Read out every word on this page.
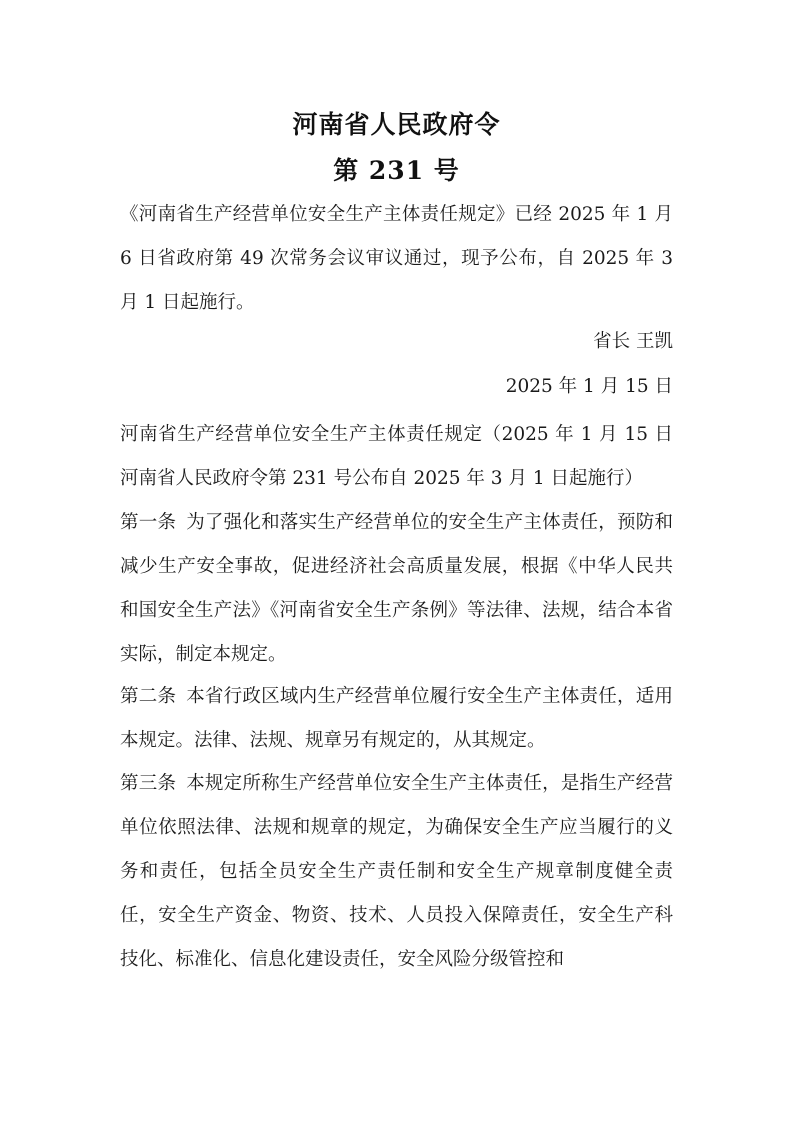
河南省人民政府令
第 231 号

《河南省生产经营单位安全生产主体责任规定》已经 2025 年 1 月 6 日省政府第 49 次常务会议审议通过，现予公布，自 2025 年 3 月 1 日起施行。

省长 王凯
2025 年 1 月 15 日

河南省生产经营单位安全生产主体责任规定（2025 年 1 月 15 日河南省人民政府令第 231 号公布自 2025 年 3 月 1 日起施行）

第一条 为了强化和落实生产经营单位的安全生产主体责任，预防和减少生产安全事故，促进经济社会高质量发展，根据《中华人民共和国安全生产法》《河南省安全生产条例》等法律、法规，结合本省实际，制定本规定。

第二条 本省行政区域内生产经营单位履行安全生产主体责任，适用本规定。法律、法规、规章另有规定的，从其规定。

第三条 本规定所称生产经营单位安全生产主体责任，是指生产经营单位依照法律、法规和规章的规定，为确保安全生产应当履行的义务和责任，包括全员安全生产责任制和安全生产规章制度健全责任，安全生产资金、物资、技术、人员投入保障责任，安全生产科技化、标准化、信息化建设责任，安全风险分级管控和
